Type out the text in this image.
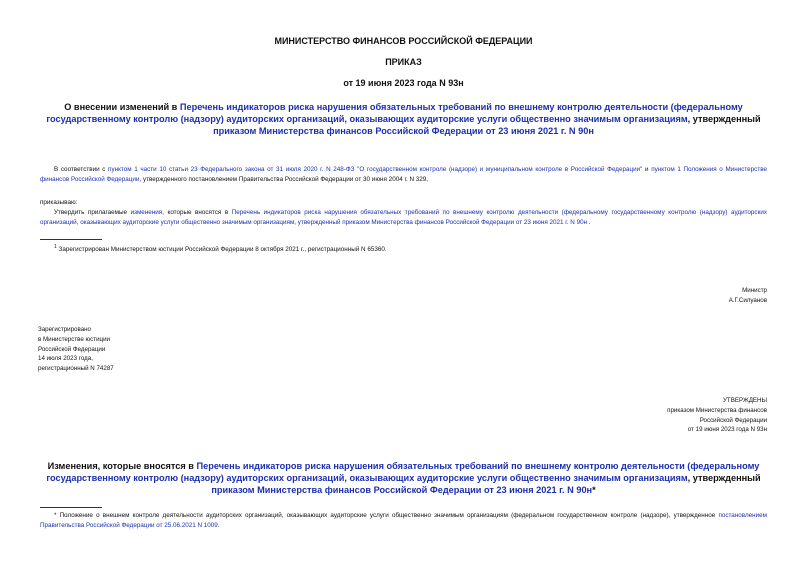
МИНИСТЕРСТВО ФИНАНСОВ РОССИЙСКОЙ ФЕДЕРАЦИИ
ПРИКАЗ
от 19 июня 2023 года N 93н
О внесении изменений в Перечень индикаторов риска нарушения обязательных требований по внешнему контролю деятельности (федеральному государственному контролю (надзору) аудиторских организаций, оказывающих аудиторские услуги общественно значимым организациям, утвержденный приказом Министерства финансов Российской Федерации от 23 июня 2021 г. N 90н
В соответствии с пунктом 1 части 10 статьи 23 Федерального закона от 31 июля 2020 г. N 248-ФЗ "О государственном контроле (надзоре) и муниципальном контроле в Российской Федерации" и пунктом 1 Положения о Министерстве финансов Российской Федерации, утвержденного постановлением Правительства Российской Федерации от 30 июня 2004 г. N 329,
приказываю:
Утвердить прилагаемые изменения, которые вносятся в Перечень индикаторов риска нарушения обязательных требований по внешнему контролю деятельности (федеральному государственному контролю (надзору) аудиторских организаций, оказывающих аудиторские услуги общественно значимым организациям, утвержденный приказом Министерства финансов Российской Федерации от 23 июня 2021 г. N 90н .
$^1$ Зарегистрирован Министерством юстиции Российской Федерации 8 октября 2021 г., регистрационный N 65360.
Министр
А.Г.Силуанов
Зарегистрировано
в Министерстве юстиции
Российской Федерации
14 июля 2023 года,
регистрационный N 74287
УТВЕРЖДЕНЫ
приказом Министерства финансов
Российской Федерации
от 19 июня 2023 года N 93н
Изменения, которые вносятся в Перечень индикаторов риска нарушения обязательных требований по внешнему контролю деятельности (федеральному государственному контролю (надзору) аудиторских организаций, оказывающих аудиторские услуги общественно значимым организациям, утвержденный приказом Министерства финансов Российской Федерации от 23 июня 2021 г. N 90н*
* Положение о внешнем контроле деятельности аудиторских организаций, оказывающих аудиторские услуги общественно значимым организациям (федеральном государственном контроле (надзоре), утвержденное постановлением Правительства Российской Федерации от 25.06.2021 N 1009.
